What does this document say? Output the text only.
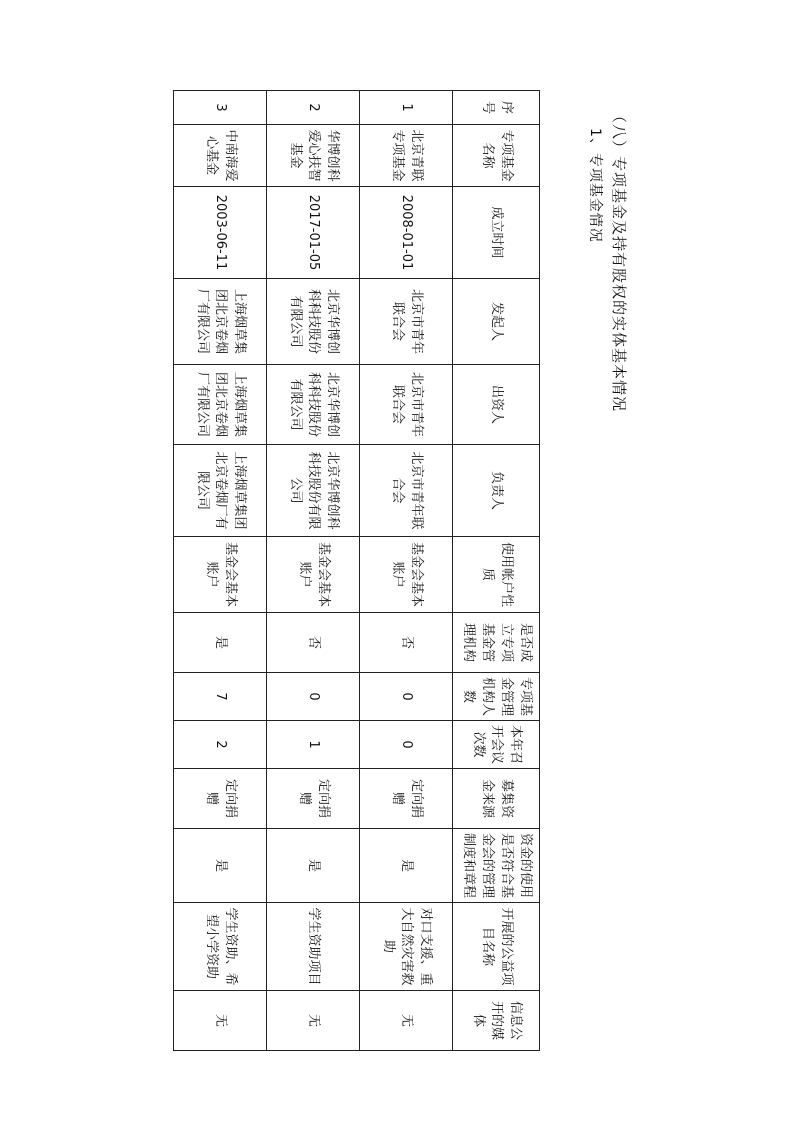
（八）专项基金及持有股权的实体基本情况
1、专项基金情况
序号	专项基金名称	成立时间	发起人	出资人	负责人	使用帐户性质	是否成立专项基金管理机构	专项基金管理机构人数	本年召开会议次数	募集资金来源	资金的使用是否符合基金会的管理制度和章程	开展的公益项目名称	信息公开的媒体
1	北京青联专项基金	2008-01-01	北京市青年联合会	北京市青年联合会	北京市青年联合会	基金会基本账户	否	0	0	定向捐赠	是	对口支援、重大自然灾害救助	无
2	华博创科爱心扶智基金	2017-01-05	北京华博创科科技股份有限公司	北京华博创科科技股份有限公司	北京华博创科科技股份有限公司	基金会基本账户	否	0	1	定向捐赠	是	学生资助项目	无
3	中南海爱心基金	2003-06-11	上海烟草集团北京卷烟厂有限公司	上海烟草集团北京卷烟厂有限公司	上海烟草集团北京卷烟厂有限公司	基金会基本账户	是	7	2	定向捐赠	是	学生资助、希望小学资助	无
